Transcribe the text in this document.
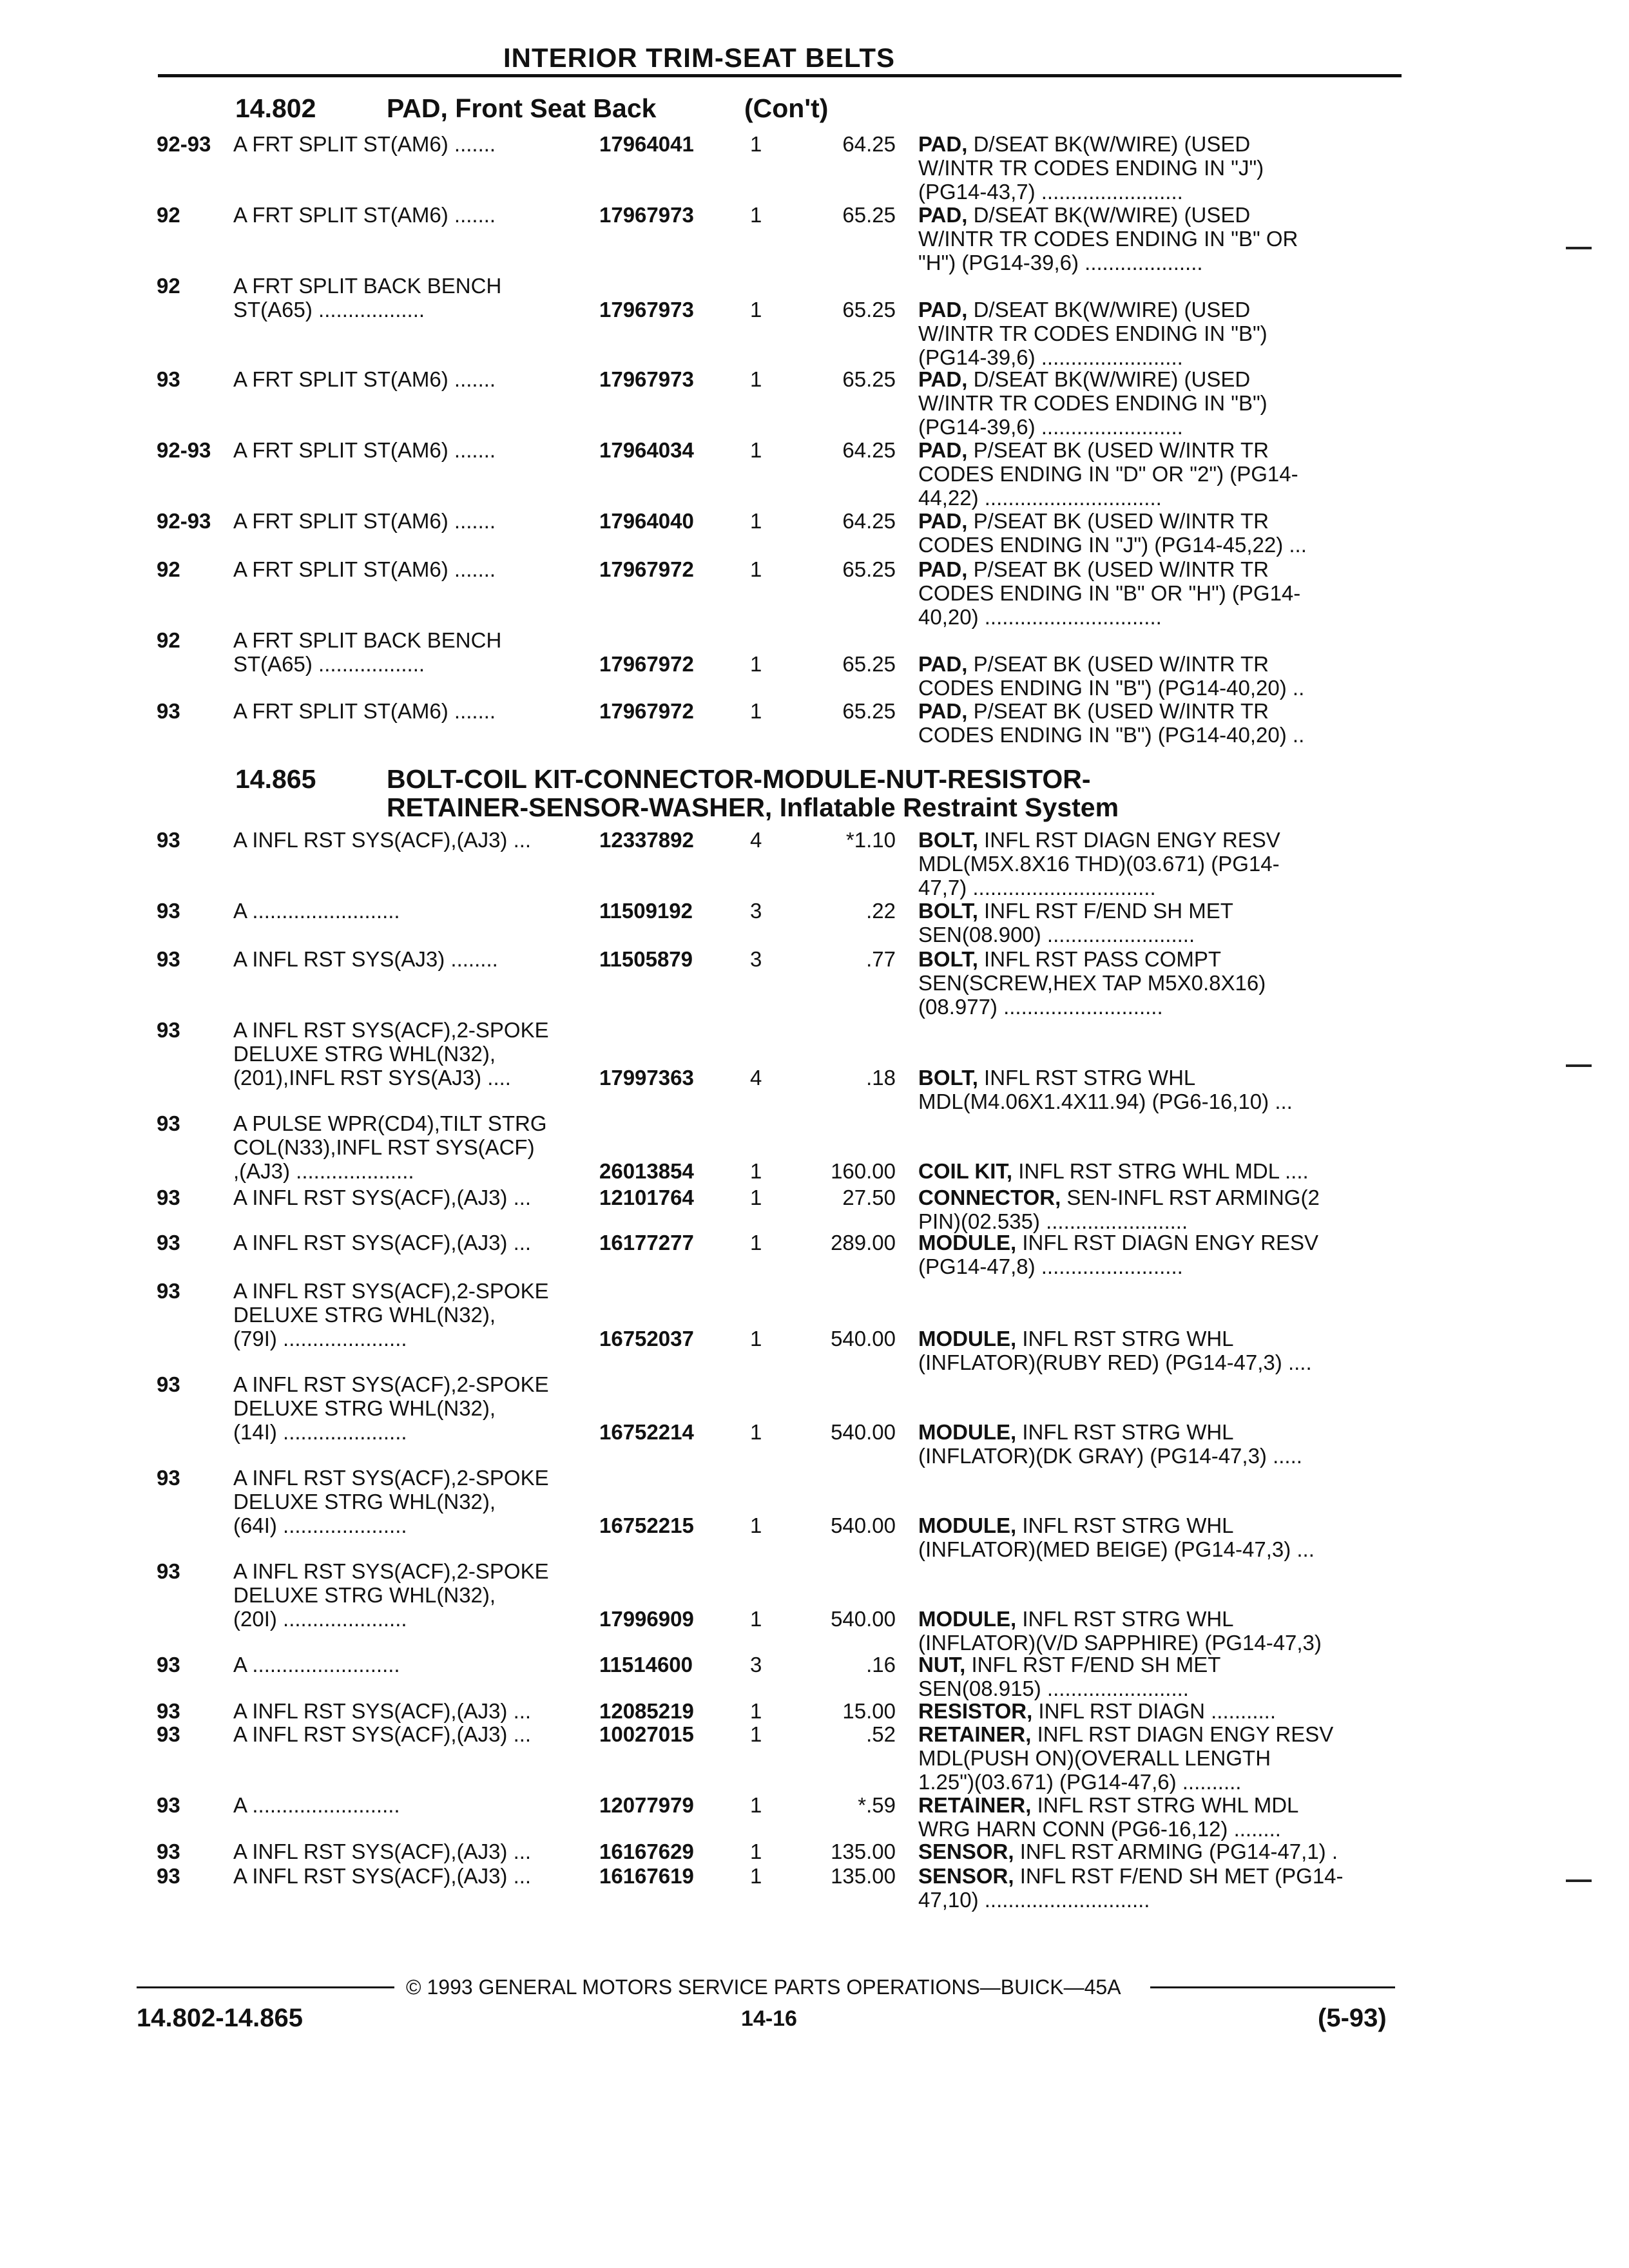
INTERIOR TRIM-SEAT BELTS
14.802	PAD, Front Seat Back	(Con't)
92-93 A FRT SPLIT ST(AM6) .......	17964041	1	64.25 PAD, D/SEAT BK(W/WIRE) (USED
W/INTR TR CODES ENDING IN "J")
(PG14-43,7) ........................
92 A FRT SPLIT ST(AM6) .......	17967973	1	65.25 PAD, D/SEAT BK(W/WIRE) (USED
W/INTR TR CODES ENDING IN "B" OR
"H") (PG14-39,6) ....................
92 A FRT SPLIT BACK BENCH
ST(A65) ..................	17967973	1	65.25 PAD, D/SEAT BK(W/WIRE) (USED
W/INTR TR CODES ENDING IN "B")
(PG14-39,6) ........................
93 A FRT SPLIT ST(AM6) .......	17967973	1	65.25 PAD, D/SEAT BK(W/WIRE) (USED
W/INTR TR CODES ENDING IN "B")
(PG14-39,6) ........................
92-93 A FRT SPLIT ST(AM6) .......	17964034	1	64.25 PAD, P/SEAT BK (USED W/INTR TR
CODES ENDING IN "D" OR "2") (PG14-
44,22) ..............................
92-93 A FRT SPLIT ST(AM6) .......	17964040	1	64.25 PAD, P/SEAT BK (USED W/INTR TR
CODES ENDING IN "J") (PG14-45,22) ...
92 A FRT SPLIT ST(AM6) .......	17967972	1	65.25 PAD, P/SEAT BK (USED W/INTR TR
CODES ENDING IN "B" OR "H") (PG14-
40,20) ..............................
92 A FRT SPLIT BACK BENCH
ST(A65) ..................	17967972	1	65.25 PAD, P/SEAT BK (USED W/INTR TR
CODES ENDING IN "B") (PG14-40,20) ..
93 A FRT SPLIT ST(AM6) .......	17967972	1	65.25 PAD, P/SEAT BK (USED W/INTR TR
CODES ENDING IN "B") (PG14-40,20) ..
14.865	BOLT-COIL KIT-CONNECTOR-MODULE-NUT-RESISTOR-
RETAINER-SENSOR-WASHER, Inflatable Restraint System
93 A INFL RST SYS(ACF),(AJ3) ...	12337892	4	*1.10 BOLT, INFL RST DIAGN ENGY RESV
MDL(M5X.8X16 THD)(03.671) (PG14-
47,7) ...............................
93 A .........................	11509192	3	.22 BOLT, INFL RST F/END SH MET
SEN(08.900) .........................
93 A INFL RST SYS(AJ3) ........	11505879	3	.77 BOLT, INFL RST PASS COMPT
SEN(SCREW,HEX TAP M5X0.8X16)
(08.977) ...........................
93 A INFL RST SYS(ACF),2-SPOKE
DELUXE STRG WHL(N32),
(201),INFL RST SYS(AJ3) ....	17997363	4	.18 BOLT, INFL RST STRG WHL
MDL(M4.06X1.4X11.94) (PG6-16,10) ...
93 A PULSE WPR(CD4),TILT STRG
COL(N33),INFL RST SYS(ACF)
,(AJ3) ....................	26013854	1	160.00 COIL KIT, INFL RST STRG WHL MDL ....
93 A INFL RST SYS(ACF),(AJ3) ...	12101764	1	27.50 CONNECTOR, SEN-INFL RST ARMING(2
PIN)(02.535) ........................
93 A INFL RST SYS(ACF),(AJ3) ...	16177277	1	289.00 MODULE, INFL RST DIAGN ENGY RESV
(PG14-47,8) ........................
93 A INFL RST SYS(ACF),2-SPOKE
DELUXE STRG WHL(N32),
(79I) .....................	16752037	1	540.00 MODULE, INFL RST STRG WHL
(INFLATOR)(RUBY RED) (PG14-47,3) ....
93 A INFL RST SYS(ACF),2-SPOKE
DELUXE STRG WHL(N32),
(14I) .....................	16752214	1	540.00 MODULE, INFL RST STRG WHL
(INFLATOR)(DK GRAY) (PG14-47,3) .....
93 A INFL RST SYS(ACF),2-SPOKE
DELUXE STRG WHL(N32),
(64I) .....................	16752215	1	540.00 MODULE, INFL RST STRG WHL
(INFLATOR)(MED BEIGE) (PG14-47,3) ...
93 A INFL RST SYS(ACF),2-SPOKE
DELUXE STRG WHL(N32),
(20I) .....................	17996909	1	540.00 MODULE, INFL RST STRG WHL
(INFLATOR)(V/D SAPPHIRE) (PG14-47,3)
93 A .........................	11514600	3	.16 NUT, INFL RST F/END SH MET
SEN(08.915) ........................
93 A INFL RST SYS(ACF),(AJ3) ...	12085219	1	15.00 RESISTOR, INFL RST DIAGN ...........
93 A INFL RST SYS(ACF),(AJ3) ...	10027015	1	.52 RETAINER, INFL RST DIAGN ENGY RESV
MDL(PUSH ON)(OVERALL LENGTH
1.25")(03.671) (PG14-47,6) ..........
93 A .........................	12077979	1	*.59 RETAINER, INFL RST STRG WHL MDL
WRG HARN CONN (PG6-16,12) ........
93 A INFL RST SYS(ACF),(AJ3) ...	16167629	1	135.00 SENSOR, INFL RST ARMING (PG14-47,1) .
93 A INFL RST SYS(ACF),(AJ3) ...	16167619	1	135.00 SENSOR, INFL RST F/END SH MET (PG14-
47,10) ............................
© 1993 GENERAL MOTORS SERVICE PARTS OPERATIONS—BUICK—45A
14.802-14.865	14-16	(5-93)
